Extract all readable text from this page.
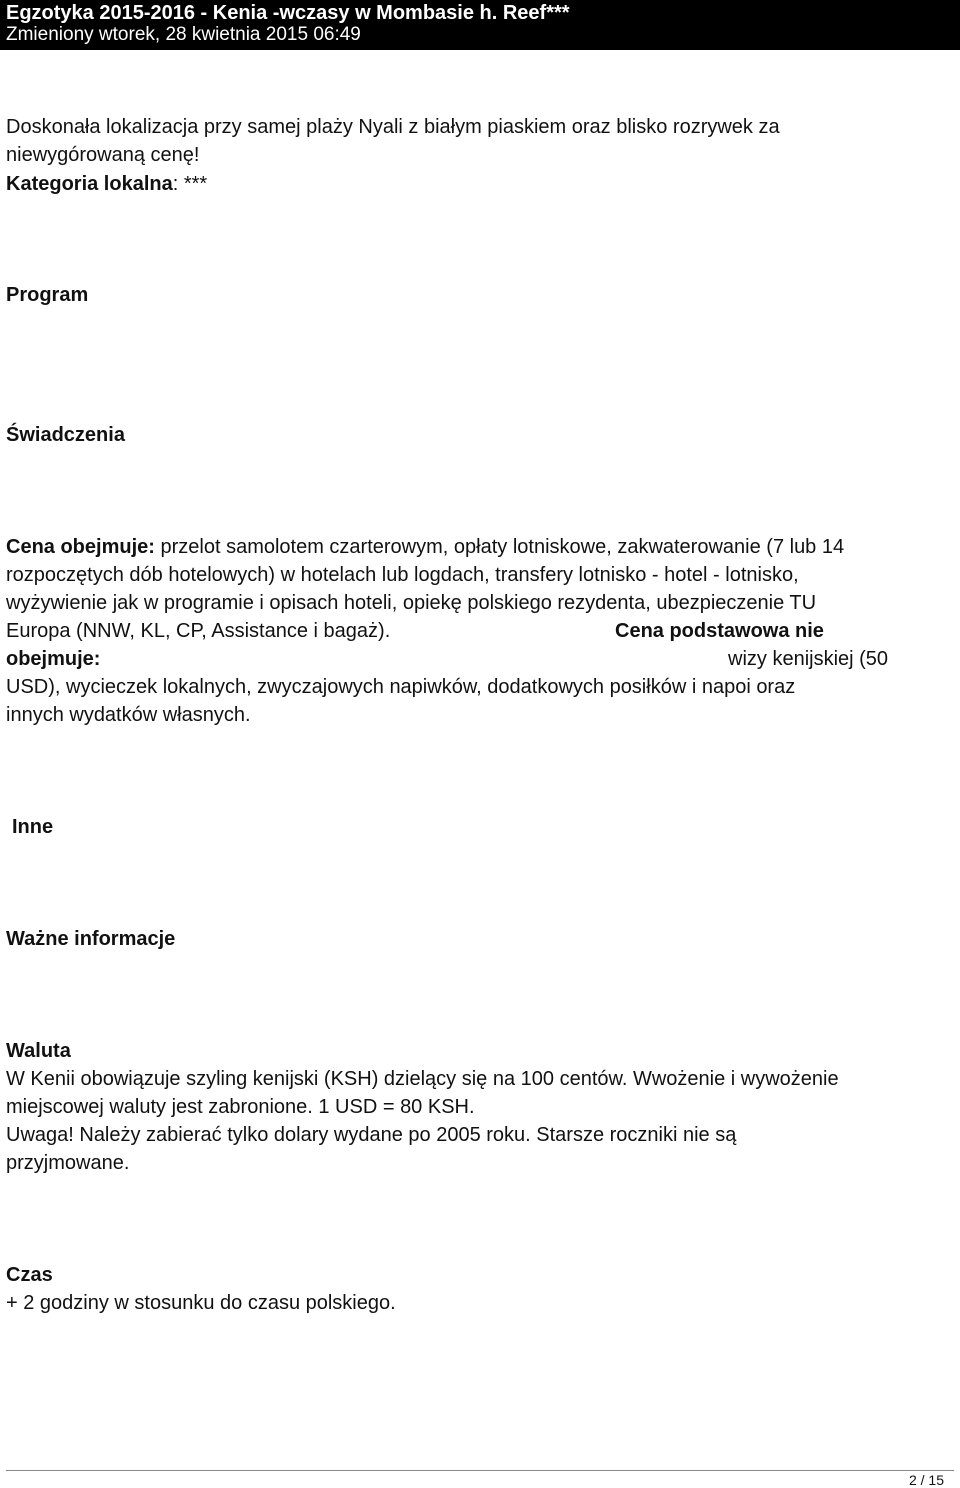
Egzotyka 2015-2016 - Kenia -wczasy w Mombasie h. Reef***
Zmieniony wtorek, 28 kwietnia 2015 06:49
Doskonała lokalizacja przy samej plaży Nyali z białym piaskiem oraz blisko rozrywek za
niewygórowaną cenę!
Kategoria lokalna: ***
Program
Świadczenia
Cena obejmuje: przelot samolotem czarterowym, opłaty lotniskowe, zakwaterowanie (7 lub 14
rozpoczętych dób hotelowych) w hotelach lub logdach, transfery lotnisko - hotel - lotnisko,
wyżywienie jak w programie i opisach hoteli, opiekę polskiego rezydenta, ubezpieczenie TU
Europa (NNW, KL, CP, Assistance i bagaż).	Cena podstawowa nie
obejmuje:	wizy kenijskiej (50
USD), wycieczek lokalnych, zwyczajowych napiwków, dodatkowych posiłków i napoi oraz
innych wydatków własnych.
Inne
Ważne informacje
Waluta
W Kenii obowiązuje szyling kenijski (KSH) dzielący się na 100 centów. Wwożenie i wywożenie
miejscowej waluty jest zabronione. 1 USD = 80 KSH.
Uwaga! Należy zabierać tylko dolary wydane po 2005 roku. Starsze roczniki nie są
przyjmowane.
Czas
+ 2 godziny w stosunku do czasu polskiego.
2 / 15
